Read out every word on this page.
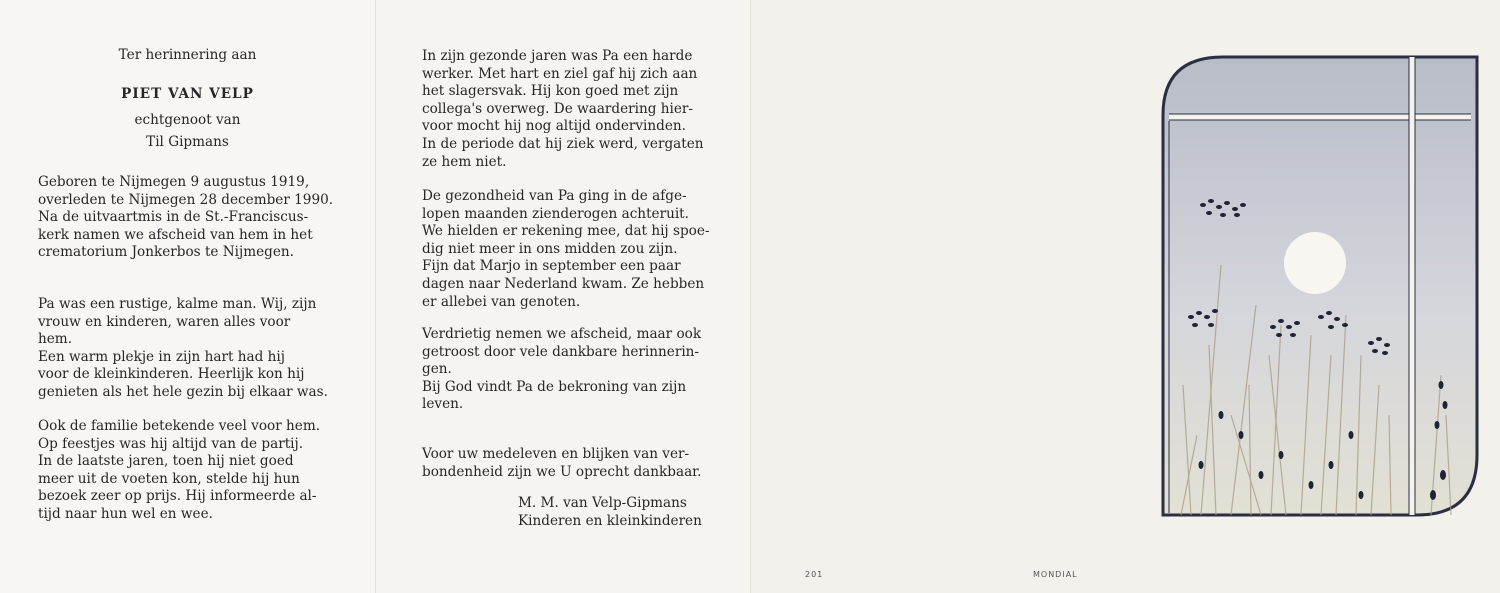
Ter herinnering aan
PIET VAN VELP
echtgenoot van
Til Gipmans

Geboren te Nijmegen 9 augustus 1919,

overleden te Nijmegen 28 december 1990.

Na de uitvaartmis in de St.-Franciscus-

kerk namen we afscheid van hem in het

crematorium Jonkerbos te Nijmegen.

Pa was een rustige, kalme man. Wij, zijn

vrouw en kinderen, waren alles voor

hem.

Een warm plekje in zijn hart had hij

voor de kleinkinderen. Heerlijk kon hij

genieten als het hele gezin bij elkaar was.

Ook de familie betekende veel voor hem.

Op feestjes was hij altijd van de partij.

In de laatste jaren, toen hij niet goed

meer uit de voeten kon, stelde hij hun

bezoek zeer op prijs. Hij informeerde al-

tijd naar hun wel en wee.

In zijn gezonde jaren was Pa een harde

werker. Met hart en ziel gaf hij zich aan

het slagersvak. Hij kon goed met zijn

collega's overweg. De waardering hier-

voor mocht hij nog altijd ondervinden.

In de periode dat hij ziek werd, vergaten

ze hem niet.

De gezondheid van Pa ging in de afge-

lopen maanden zienderogen achteruit.

We hielden er rekening mee, dat hij spoe-

dig niet meer in ons midden zou zijn.

Fijn dat Marjo in september een paar

dagen naar Nederland kwam. Ze hebben

er allebei van genoten.

Verdrietig nemen we afscheid, maar ook

getroost door vele dankbare herinnerin-

gen.

Bij God vindt Pa de bekroning van zijn

leven.

Voor uw medeleven en blijken van ver-

bondenheid zijn we U oprecht dankbaar.

M. M. van Velp-Gipmans

Kinderen en kleinkinderen

201	MONDIAL
